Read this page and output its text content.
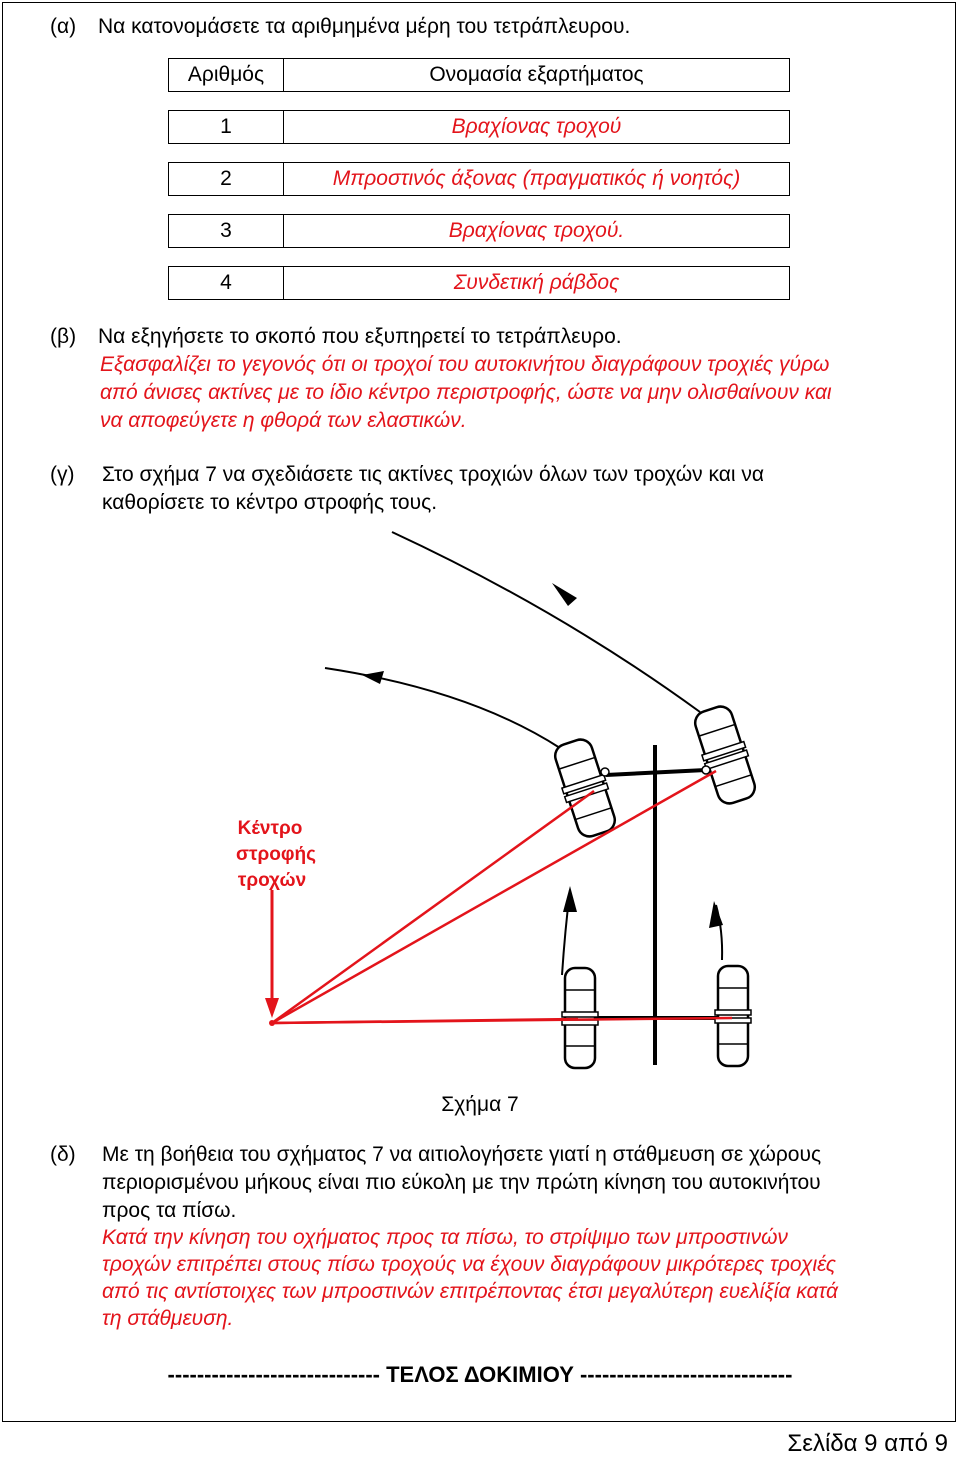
(α) Να κατονομάσετε τα αριθμημένα μέρη του τετράπλευρου.
Αριθμός	Ονομασία εξαρτήματος
1	Βραχίονας τροχού
2	Μπροστινός άξονας (πραγματικός ή νοητός)
3	Βραχίονας τροχού.
4	Συνδετική ράβδος
(β) Να εξηγήσετε το σκοπό που εξυπηρετεί το τετράπλευρο.
Εξασφαλίζει το γεγονός ότι οι τροχοί του αυτοκινήτου διαγράφουν τροχιές γύρω
από άνισες ακτίνες με το ίδιο κέντρο περιστροφής, ώστε να μην ολισθαίνουν και
να αποφεύγετε η φθορά των ελαστικών.
(γ) Στο σχήμα 7 να σχεδιάσετε τις ακτίνες τροχιών όλων των τροχών και να
καθορίσετε το κέντρο στροφής τους.
Κέντρο
στροφής
τροχών
Σχήμα 7
(δ) Με τη βοήθεια του σχήματος 7 να αιτιολογήσετε γιατί η στάθμευση σε χώρους
περιορισμένου μήκους είναι πιο εύκολη με την πρώτη κίνηση του αυτοκινήτου
προς τα πίσω.
Κατά την κίνηση του οχήματος προς τα πίσω, το στρίψιμο των μπροστινών
τροχών επιτρέπει στους πίσω τροχούς να έχουν διαγράφουν μικρότερες τροχιές
από τις αντίστοιχες των μπροστινών επιτρέποντας έτσι μεγαλύτερη ευελίξία κατά
τη στάθμευση.
----------------------------- ΤΕΛΟΣ ΔΟΚΙΜΙΟΥ -----------------------------
Σελίδα 9 από 9
